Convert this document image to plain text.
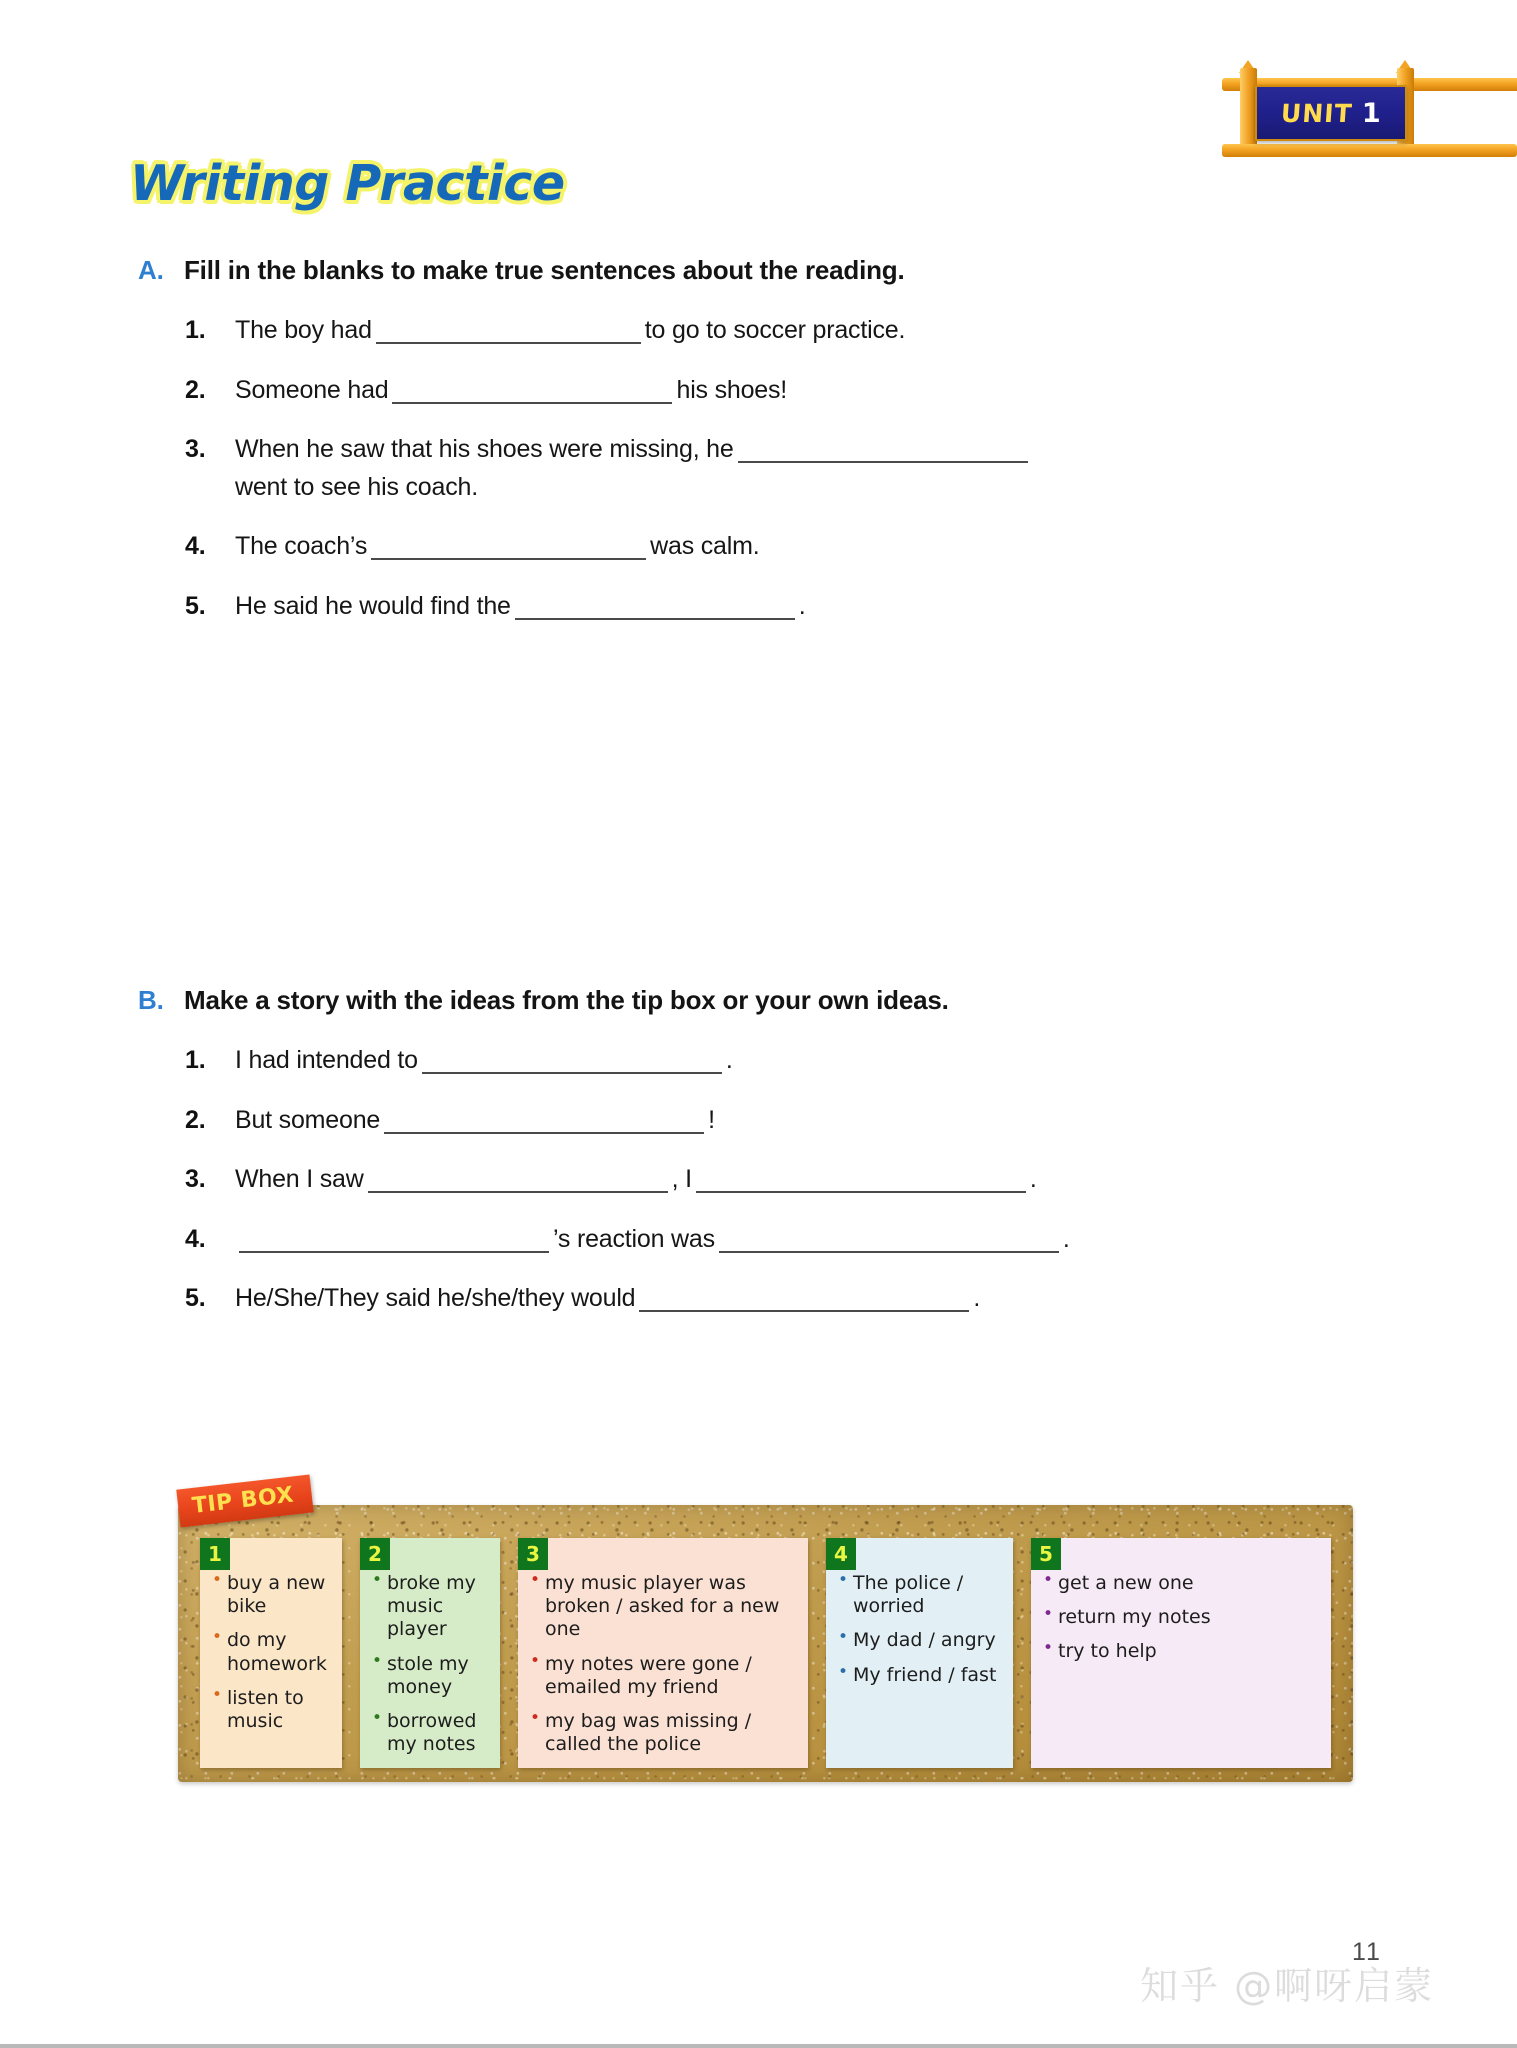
UNIT 1
Writing Practice
A. Fill in the blanks to make true sentences about the reading.
1. The boy had	to go to soccer practice.
2. Someone had	his shoes!
3. When he saw that his shoes were missing, he
went to see his coach.
4. The coach’s	was calm.
5. He said he would find the	.
B. Make a story with the ideas from the tip box or your own ideas.
1. I had intended to	.
2. But someone	!
3. When I saw	, I	.
4.	’s reaction was	.
5. He/She/They said he/she/they would	.
TIP BOX
1
• buy a new bike
• do my homework
• listen to music
2
• broke my music player
• stole my money
• borrowed my notes
3
• my music player was broken / asked for a new one
• my notes were gone / emailed my friend
• my bag was missing / called the police
4
• The police / worried
• My dad / angry
• My friend / fast
5
• get a new one
• return my notes
• try to help
11
知乎 @啊呀启蒙
